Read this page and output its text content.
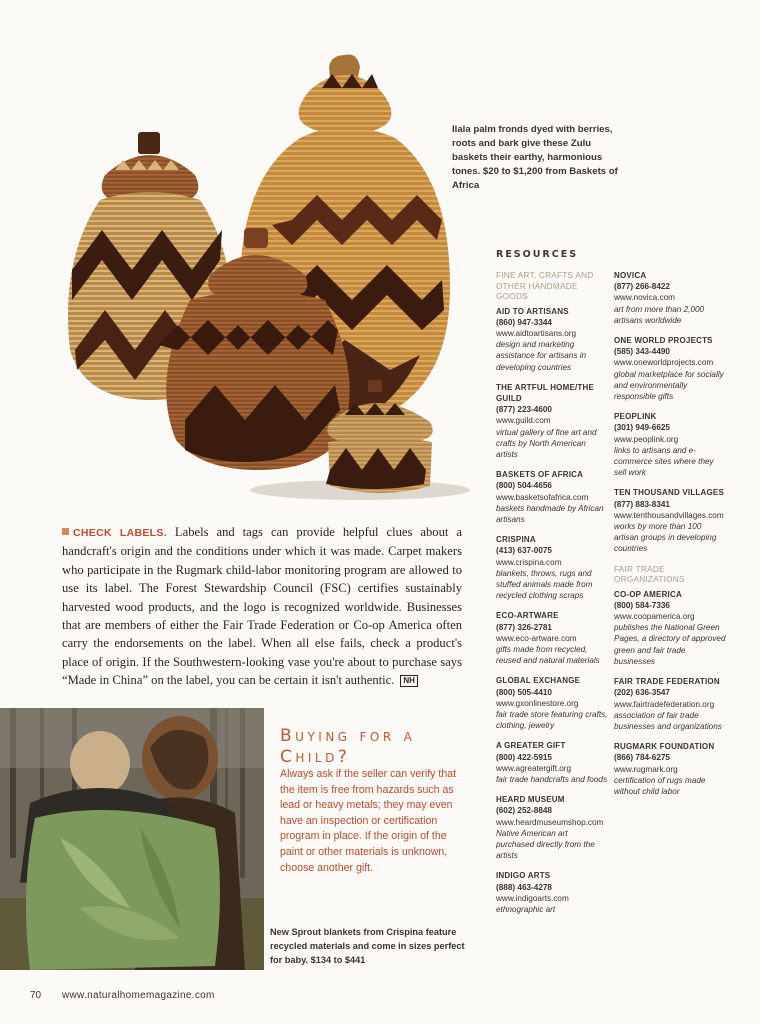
Ilala palm fronds dyed with berries, roots and bark give these Zulu baskets their earthy, harmonious tones. $20 to $1,200 from Baskets of Africa
RESOURCES
FINE ART, CRAFTS AND OTHER HANDMADE GOODS
AID TO ARTISANS
(860) 947-3344
www.aidtoartisans.org
design and marketing assistance for artisans in developing countries
THE ARTFUL HOME/THE GUILD
(877) 223-4600
www.guild.com
virtual gallery of fine art and crafts by North American artists
BASKETS OF AFRICA
(800) 504-4656
www.basketsofafrica.com
baskets handmade by African artisans
CRISPINA
(413) 637-0075
www.crispina.com
blankets, throws, rugs and stuffed animals made from recycled clothing scraps
ECO-ARTWARE
(877) 326-2781
www.eco-artware.com
gifts made from recycled, reused and natural materials
GLOBAL EXCHANGE
(800) 505-4410
www.gxonlinestore.org
fair trade store featuring crafts, clothing, jewelry
A GREATER GIFT
(800) 422-5915
www.agreatergift.org
fair trade handcrafts and foods
HEARD MUSEUM
(602) 252-8848
www.heardmuseumshop.com
Native American art purchased directly from the artists
INDIGO ARTS
(888) 463-4278
www.indigoarts.com
ethnographic art
NOVICA
(877) 266-8422
www.novica.com
art from more than 2,000 artisans worldwide
ONE WORLD PROJECTS
(585) 343-4490
www.oneworldprojects.com
global marketplace for socially and environmentally responsible gifts
PEOPLINK
(301) 949-6625
www.peoplink.org
links to artisans and e-commerce sites where they sell work
TEN THOUSAND VILLAGES
(877) 883-8341
www.tenthousandvillages.com
works by more than 100 artisan groups in developing countries
FAIR TRADE ORGANIZATIONS
CO-OP AMERICA
(800) 584-7336
www.coopamerica.org
publishes the National Green Pages, a directory of approved green and fair trade businesses
FAIR TRADE FEDERATION
(202) 636-3547
www.fairtradefederation.org
association of fair trade businesses and organizations
RUGMARK FOUNDATION
(866) 784-6275
www.rugmark.org
certification of rugs made without child labor
CHECK LABELS. Labels and tags can provide helpful clues about a handcraft's origin and the conditions under which it was made. Carpet makers who participate in the Rugmark child-labor monitoring program are allowed to use its label. The Forest Stewardship Council (FSC) certifies sustainably harvested wood products, and the logo is recognized worldwide. Businesses that are members of either the Fair Trade Federation or Co-op America often carry the endorsements on the label. When all else fails, check a product's place of origin. If the Southwestern-looking vase you're about to purchase says “Made in China” on the label, you can be certain it isn't authentic. NH
Buying for a Child?
Always ask if the seller can verify that the item is free from hazards such as lead or heavy metals; they may even have an inspection or certification program in place. If the origin of the paint or other materials is unknown, choose another gift.
New Sprout blankets from Crispina feature recycled materials and come in sizes perfect for baby. $134 to $441
70 www.naturalhomemagazine.com
